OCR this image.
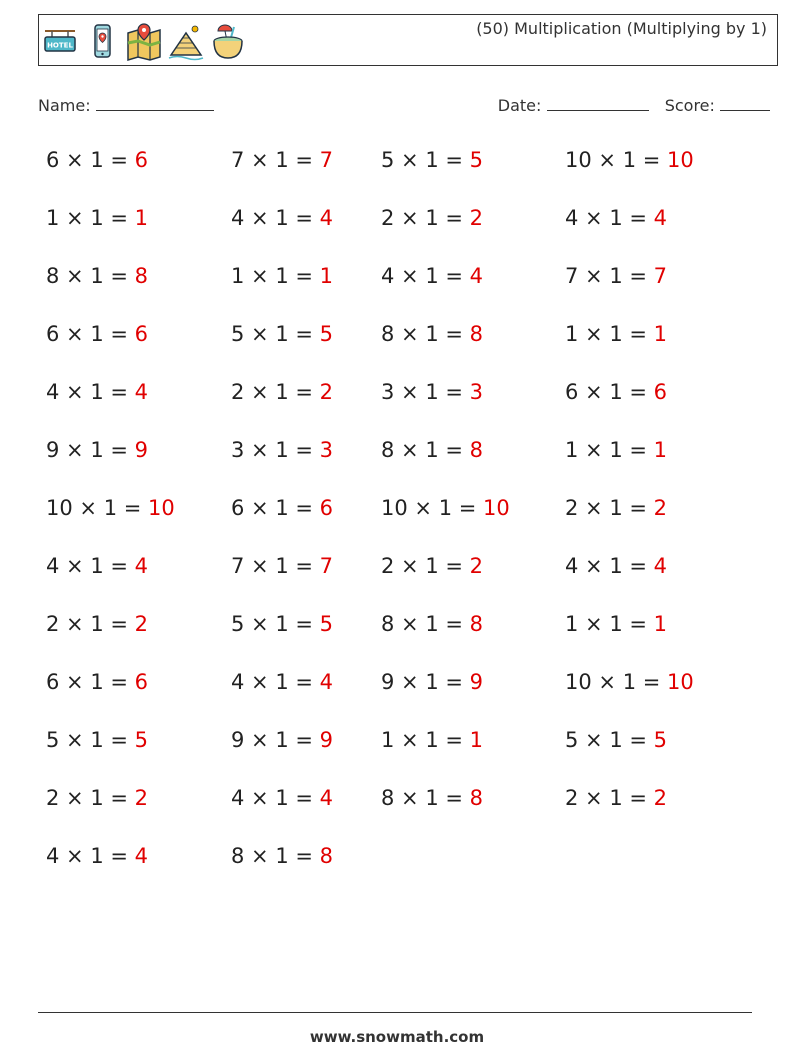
HOTEL
(50) Multiplication (Multiplying by 1)
Name:	Date:	Score:
6 × 1 = 6	7 × 1 = 7 5 × 1 = 5	10 × 1 = 10
1 × 1 = 1	4 × 1 = 4 2 × 1 = 2	4 × 1 = 4
8 × 1 = 8	1 × 1 = 1 4 × 1 = 4	7 × 1 = 7
6 × 1 = 6	5 × 1 = 5 8 × 1 = 8	1 × 1 = 1
4 × 1 = 4	2 × 1 = 2 3 × 1 = 3	6 × 1 = 6
9 × 1 = 9	3 × 1 = 3 8 × 1 = 8	1 × 1 = 1
10 × 1 = 10	6 × 1 = 6 10 × 1 = 10	2 × 1 = 2
4 × 1 = 4	7 × 1 = 7 2 × 1 = 2	4 × 1 = 4
2 × 1 = 2	5 × 1 = 5 8 × 1 = 8	1 × 1 = 1
6 × 1 = 6	4 × 1 = 4 9 × 1 = 9	10 × 1 = 10
5 × 1 = 5	9 × 1 = 9 1 × 1 = 1	5 × 1 = 5
2 × 1 = 2	4 × 1 = 4 8 × 1 = 8	2 × 1 = 2
4 × 1 = 4	8 × 1 = 8
www.snowmath.com
